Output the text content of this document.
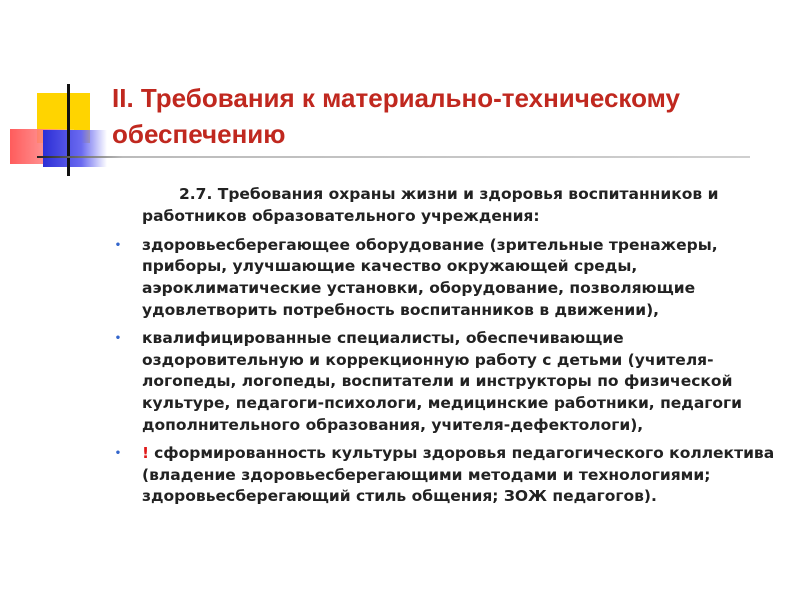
II. Требования к материально-техническому обеспечению

2.7. Требования охраны жизни и здоровья воспитанников и работников образовательного учреждения:

• здоровьесберегающее оборудование (зрительные тренажеры, приборы, улучшающие качество окружающей среды, аэроклиматические установки, оборудование, позволяющие удовлетворить потребность воспитанников в движении),
• квалифицированные специалисты, обеспечивающие оздоровительную и коррекционную работу с детьми (учителя-логопеды, логопеды, воспитатели и инструкторы по физической культуре, педагоги-психологи, медицинские работники, педагоги дополнительного образования, учителя-дефектологи),
• ! сформированность культуры здоровья педагогического коллектива (владение здоровьесберегающими методами и технологиями; здоровьесберегающий стиль общения; ЗОЖ педагогов).
